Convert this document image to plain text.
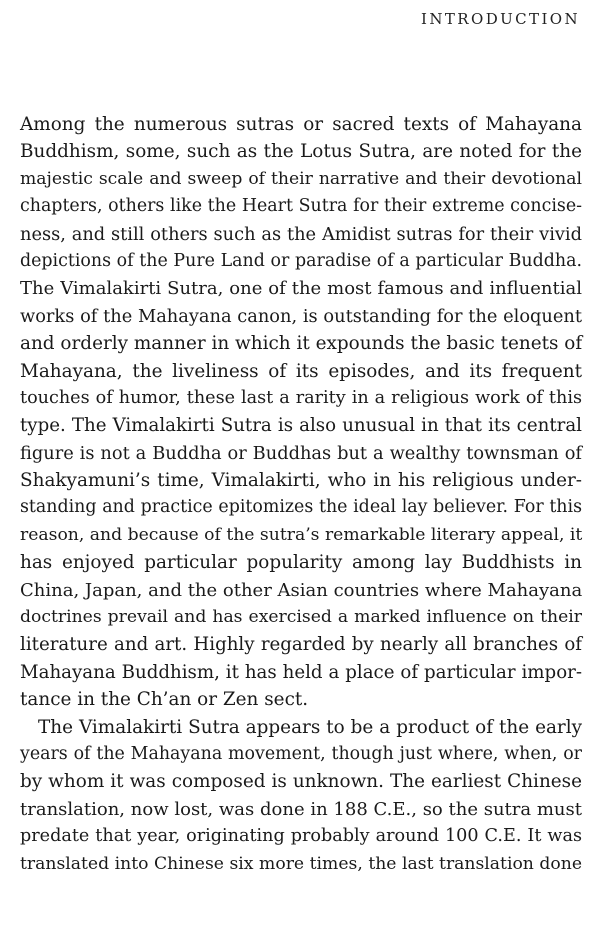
INTRODUCTION
Among the numerous sutras or sacred texts of Mahayana
Buddhism, some, such as the Lotus Sutra, are noted for the
majestic scale and sweep of their narrative and their devotional
chapters, others like the Heart Sutra for their extreme concise-
ness, and still others such as the Amidist sutras for their vivid
depictions of the Pure Land or paradise of a particular Buddha.
The Vimalakirti Sutra, one of the most famous and influential
works of the Mahayana canon, is outstanding for the eloquent
and orderly manner in which it expounds the basic tenets of
Mahayana, the liveliness of its episodes, and its frequent
touches of humor, these last a rarity in a religious work of this
type. The Vimalakirti Sutra is also unusual in that its central
figure is not a Buddha or Buddhas but a wealthy townsman of
Shakyamuni’s time, Vimalakirti, who in his religious under-
standing and practice epitomizes the ideal lay believer. For this
reason, and because of the sutra’s remarkable literary appeal, it
has enjoyed particular popularity among lay Buddhists in
China, Japan, and the other Asian countries where Mahayana
doctrines prevail and has exercised a marked influence on their
literature and art. Highly regarded by nearly all branches of
Mahayana Buddhism, it has held a place of particular impor-
tance in the Ch’an or Zen sect.
The Vimalakirti Sutra appears to be a product of the early
years of the Mahayana movement, though just where, when, or
by whom it was composed is unknown. The earliest Chinese
translation, now lost, was done in 188 C.E., so the sutra must
predate that year, originating probably around 100 C.E. It was
translated into Chinese six more times, the last translation done
